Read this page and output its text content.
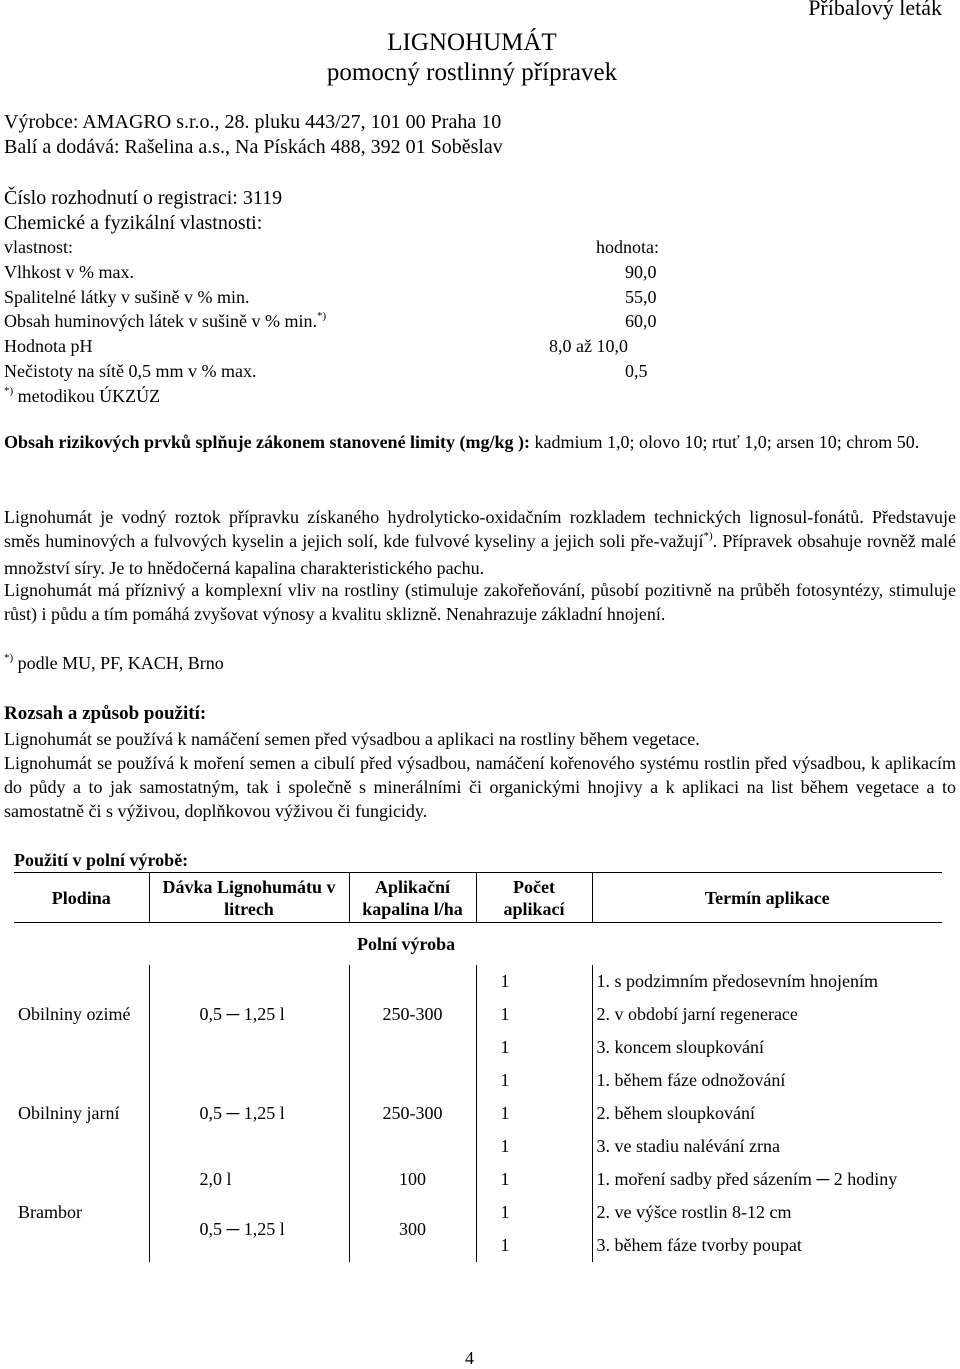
Příbalový leták
LIGNOHUMÁT
pomocný rostlinný přípravek
Výrobce: AMAGRO s.r.o., 28. pluku 443/27, 101 00 Praha 10
Balí a dodává: Rašelina a.s., Na Pískách 488, 392 01 Soběslav
Číslo rozhodnutí o registraci: 3119
Chemické a fyzikální vlastnosti:
vlastnost:	hodnota:
Vlhkost v % max.	90,0
Spalitelné látky v sušině v % min.	55,0
Obsah huminových látek v sušině v % min.*)	60,0
Hodnota pH	8,0 až 10,0
Nečistoty na sítě 0,5 mm v % max.	0,5
*) metodikou ÚKZÚZ
Obsah rizikových prvků splňuje zákonem stanovené limity (mg/kg ): kadmium 1,0; olovo 10; rtuť 1,0; arsen 10; chrom 50.
Lignohumát je vodný roztok přípravku získaného hydrolyticko-oxidačním rozkladem technických lignosul-fonátů. Představuje směs huminových a fulvových kyselin a jejich solí, kde fulvové kyseliny a jejich soli pře-važují*). Přípravek obsahuje rovněž malé množství síry. Je to hnědočerná kapalina charakteristického pachu.
Lignohumát má příznivý a komplexní vliv na rostliny (stimuluje zakořeňování, působí pozitivně na průběh fotosyntézy, stimuluje růst) i půdu a tím pomáhá zvyšovat výnosy a kvalitu sklizně. Nenahrazuje základní hnojení.
*) podle MU, PF, KACH, Brno
Rozsah a způsob použití:
Lignohumát se používá k namáčení semen před výsadbou a aplikaci na rostliny během vegetace.
Lignohumát se používá k moření semen a cibulí před výsadbou, namáčení kořenového systému rostlin před výsadbou, k aplikacím do půdy a to jak samostatným, tak i společně s minerálními či organickými hnojivy a k aplikaci na list během vegetace a to samostatně či s výživou, doplňkovou výživou či fungicidy.
Použití v polní výrobě:
Plodina	Dávka Lignohumátu v litrech	Aplikační kapalina l/ha	Počet aplikací	Termín aplikace
	Polní výroba			
Obilniny ozimé	0,5 ─ 1,25 l	250-300	1	1. s podzimním předosevním hnojením
			1	2. v období jarní regenerace
			1	3. koncem sloupkování
Obilniny jarní	0,5 ─ 1,25 l	250-300	1	1. během fáze odnožování
			1	2. během sloupkování
			1	3. ve stadiu nalévání zrna
Brambor	2,0 l	100	1	1. moření sadby před sázením ─ 2 hodiny
	0,5 ─ 1,25 l	300	1	2. ve výšce rostlin 8-12 cm
			1	3. během fáze tvorby poupat
4
